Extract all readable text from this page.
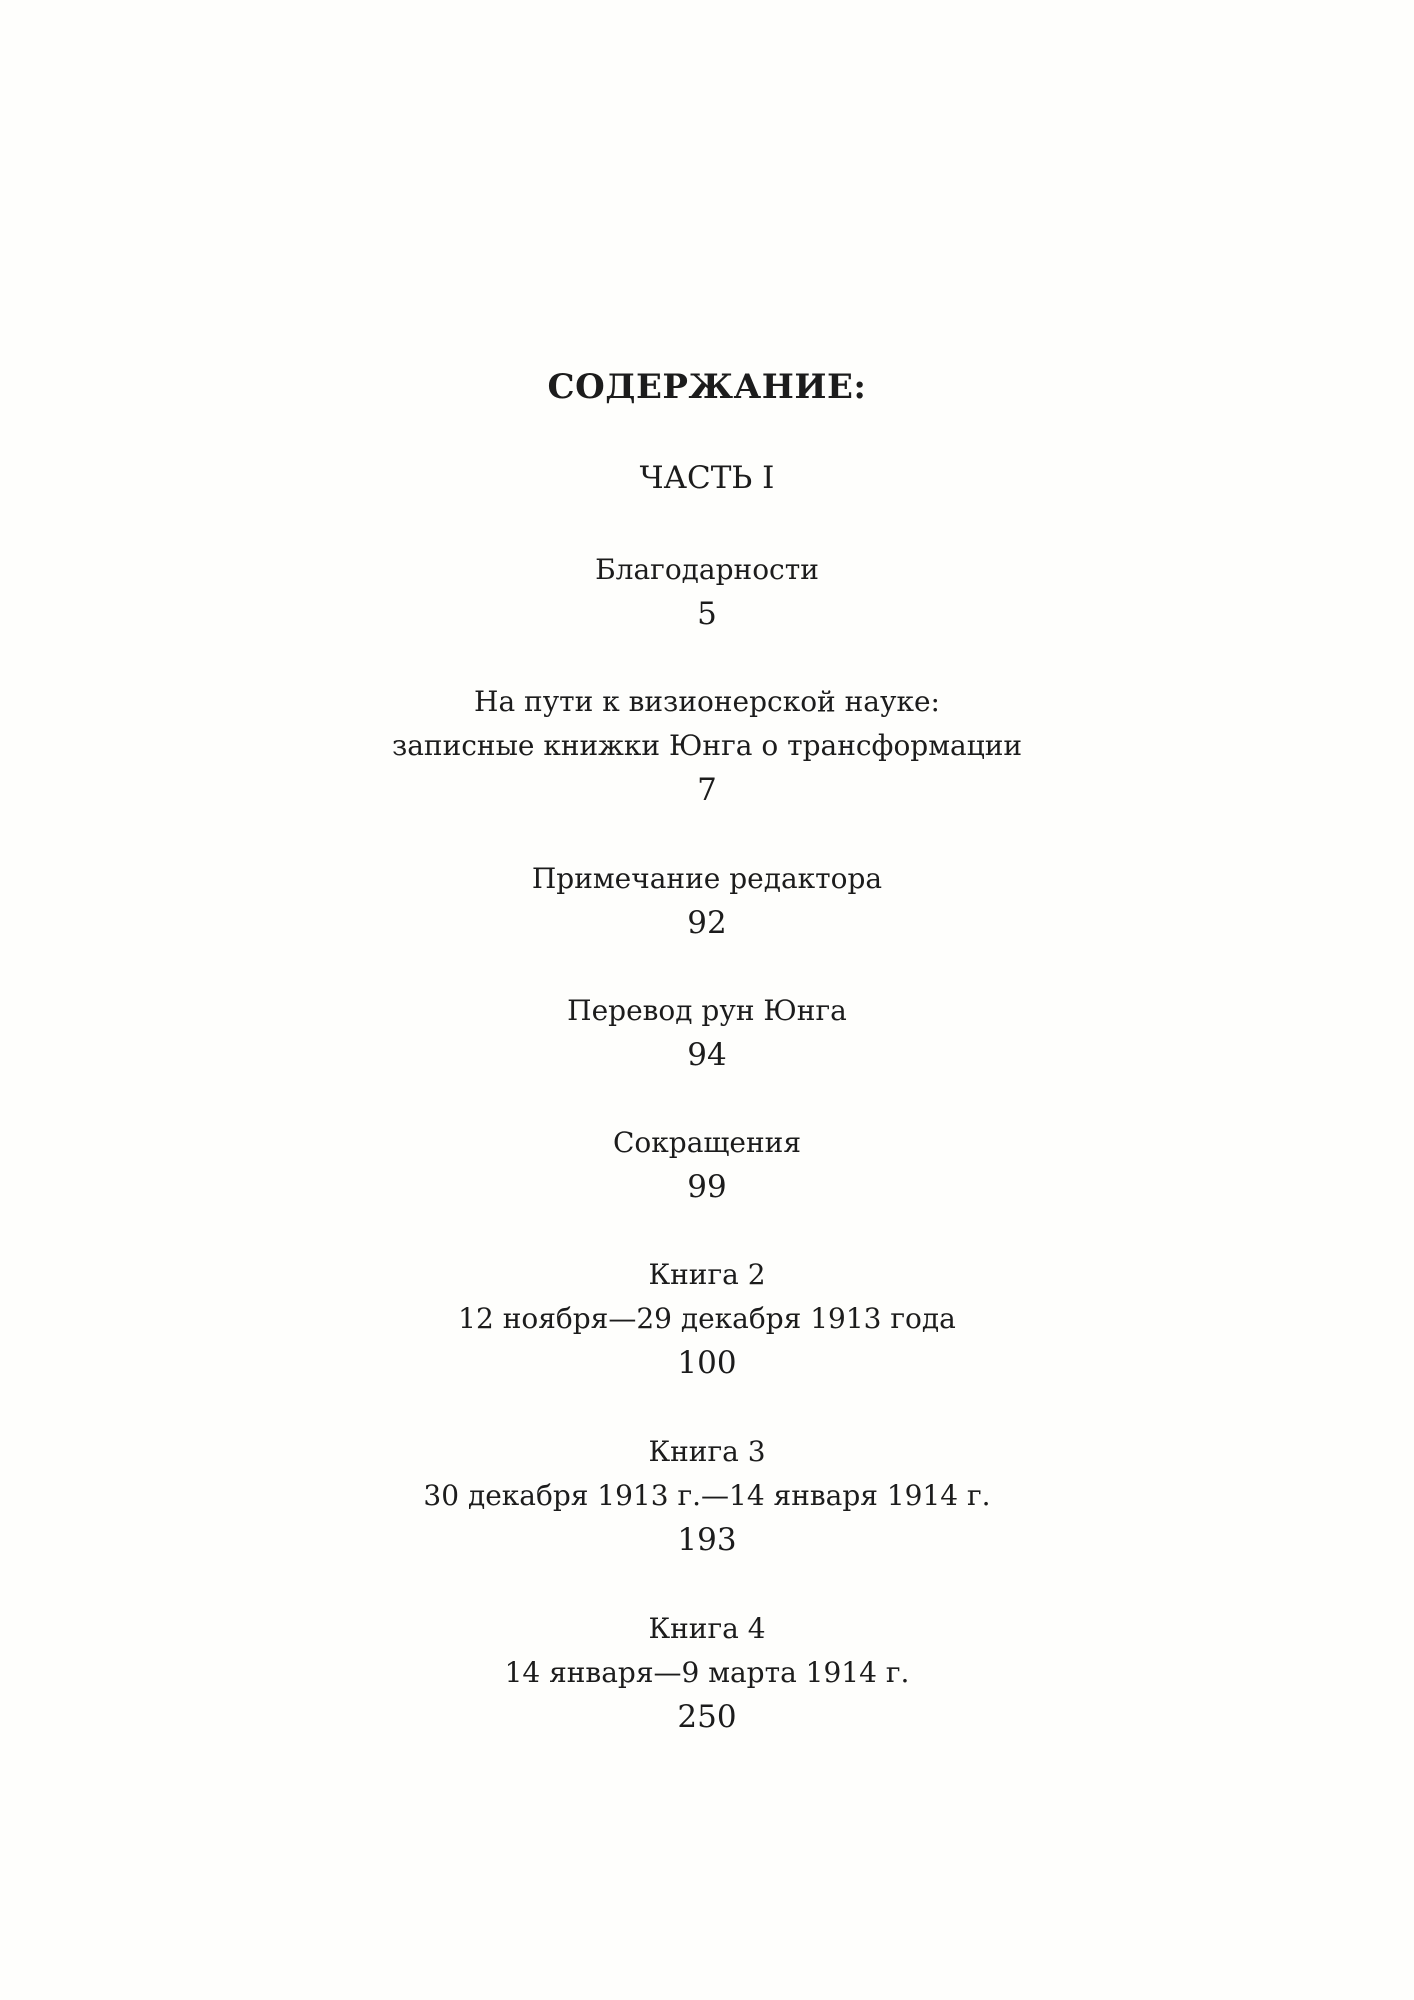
СОДЕРЖАНИЕ:
ЧАСТЬ I
Благодарности
5
На пути к визионерской науке:
записные книжки Юнга о трансформации
7
Примечание редактора
92
Перевод рун Юнга
94
Сокращения
99
Книга 2
12 ноября—29 декабря 1913 года
100
Книга 3
30 декабря 1913 г.—14 января 1914 г.
193
Книга 4
14 января—9 марта 1914 г.
250
